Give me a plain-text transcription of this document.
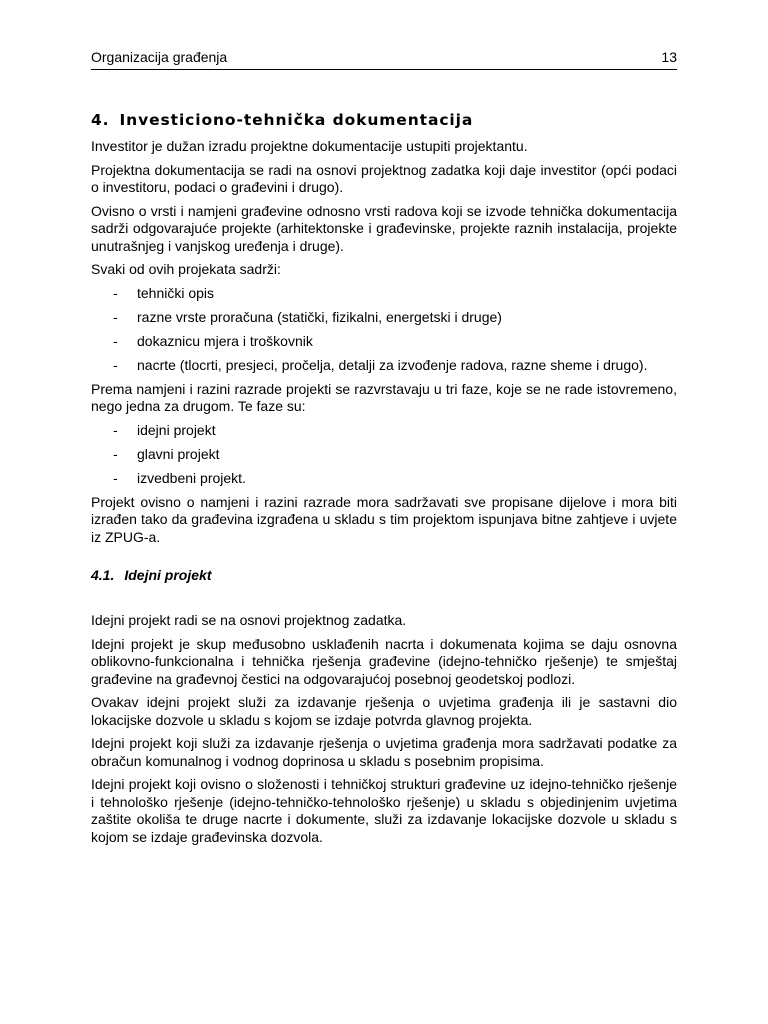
Organizacija građenja	13
4. Investiciono-tehnička dokumentacija

Investitor je dužan izradu projektne dokumentacije ustupiti projektantu.

Projektna dokumentacija se radi na osnovi projektnog zadatka koji daje investitor (opći podaci o investitoru, podaci o građevini i drugo).

Ovisno o vrsti i namjeni građevine odnosno vrsti radova koji se izvode tehnička dokumentacija sadrži odgovarajuće projekte (arhitektonske i građevinske, projekte raznih instalacija, projekte unutrašnjeg i vanjskog uređenja i druge).

Svaki od ovih projekata sadrži:

- tehnički opis
- razne vrste proračuna (statički, fizikalni, energetski i druge)
- dokaznicu mjera i troškovnik
- nacrte (tlocrti, presjeci, pročelja, detalji za izvođenje radova, razne sheme i drugo).

Prema namjeni i razini razrade projekti se razvrstavaju u tri faze, koje se ne rade istovremeno, nego jedna za drugom. Te faze su:

- idejni projekt
- glavni projekt
- izvedbeni projekt.

Projekt ovisno o namjeni i razini razrade mora sadržavati sve propisane dijelove i mora biti izrađen tako da građevina izgrađena u skladu s tim projektom ispunjava bitne zahtjeve i uvjete iz ZPUG-a.

4.1. Idejni projekt

Idejni projekt radi se na osnovi projektnog zadatka.

Idejni projekt je skup međusobno usklađenih nacrta i dokumenata kojima se daju osnovna oblikovno-funkcionalna i tehnička rješenja građevine (idejno-tehničko rješenje) te smještaj građevine na građevnoj čestici na odgovarajućoj posebnoj geodetskoj podlozi.

Ovakav idejni projekt služi za izdavanje rješenja o uvjetima građenja ili je sastavni dio lokacijske dozvole u skladu s kojom se izdaje potvrda glavnog projekta.

Idejni projekt koji služi za izdavanje rješenja o uvjetima građenja mora sadržavati podatke za obračun komunalnog i vodnog doprinosa u skladu s posebnim propisima.

Idejni projekt koji ovisno o složenosti i tehničkoj strukturi građevine uz idejno-tehničko rješenje i tehnološko rješenje (idejno-tehničko-tehnološko rješenje) u skladu s objedinjenim uvjetima zaštite okoliša te druge nacrte i dokumente, služi za izdavanje lokacijske dozvole u skladu s kojom se izdaje građevinska dozvola.
